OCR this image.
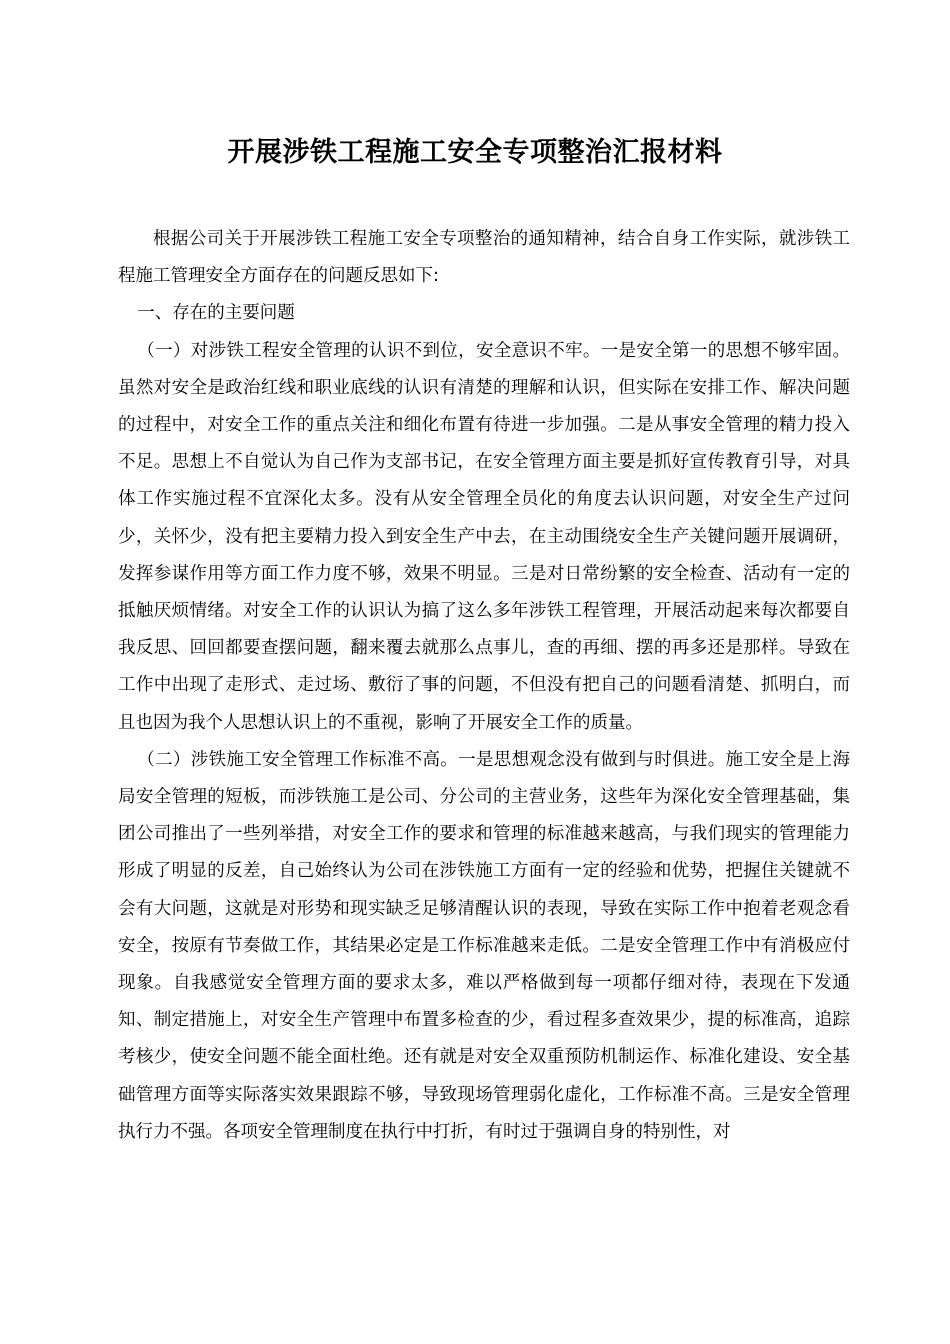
开展涉铁工程施工安全专项整治汇报材料

根据公司关于开展涉铁工程施工安全专项整治的通知精神，结合自身工作实际，就涉铁工程施工管理安全方面存在的问题反思如下:

一、存在的主要问题

（一）对涉铁工程安全管理的认识不到位，安全意识不牢。一是安全第一的思想不够牢固。虽然对安全是政治红线和职业底线的认识有清楚的理解和认识，但实际在安排工作、解决问题的过程中，对安全工作的重点关注和细化布置有待进一步加强。二是从事安全管理的精力投入不足。思想上不自觉认为自己作为支部书记，在安全管理方面主要是抓好宣传教育引导，对具体工作实施过程不宜深化太多。没有从安全管理全员化的角度去认识问题，对安全生产过问少，关怀少，没有把主要精力投入到安全生产中去，在主动围绕安全生产关键问题开展调研，发挥参谋作用等方面工作力度不够，效果不明显。三是对日常纷繁的安全检查、活动有一定的抵触厌烦情绪。对安全工作的认识认为搞了这么多年涉铁工程管理，开展活动起来每次都要自我反思、回回都要查摆问题，翻来覆去就那么点事儿，查的再细、摆的再多还是那样。导致在工作中出现了走形式、走过场、敷衍了事的问题，不但没有把自己的问题看清楚、抓明白，而且也因为我个人思想认识上的不重视，影响了开展安全工作的质量。

（二）涉铁施工安全管理工作标准不高。一是思想观念没有做到与时俱进。施工安全是上海局安全管理的短板，而涉铁施工是公司、分公司的主营业务，这些年为深化安全管理基础，集团公司推出了一些列举措，对安全工作的要求和管理的标准越来越高，与我们现实的管理能力形成了明显的反差，自己始终认为公司在涉铁施工方面有一定的经验和优势，把握住关键就不会有大问题，这就是对形势和现实缺乏足够清醒认识的表现，导致在实际工作中抱着老观念看安全，按原有节奏做工作，其结果必定是工作标准越来走低。二是安全管理工作中有消极应付现象。自我感觉安全管理方面的要求太多，难以严格做到每一项都仔细对待，表现在下发通知、制定措施上，对安全生产管理中布置多检查的少，看过程多查效果少，提的标准高，追踪考核少，使安全问题不能全面杜绝。还有就是对安全双重预防机制运作、标准化建设、安全基础管理方面等实际落实效果跟踪不够，导致现场管理弱化虚化，工作标准不高。三是安全管理执行力不强。各项安全管理制度在执行中打折，有时过于强调自身的特别性，对
